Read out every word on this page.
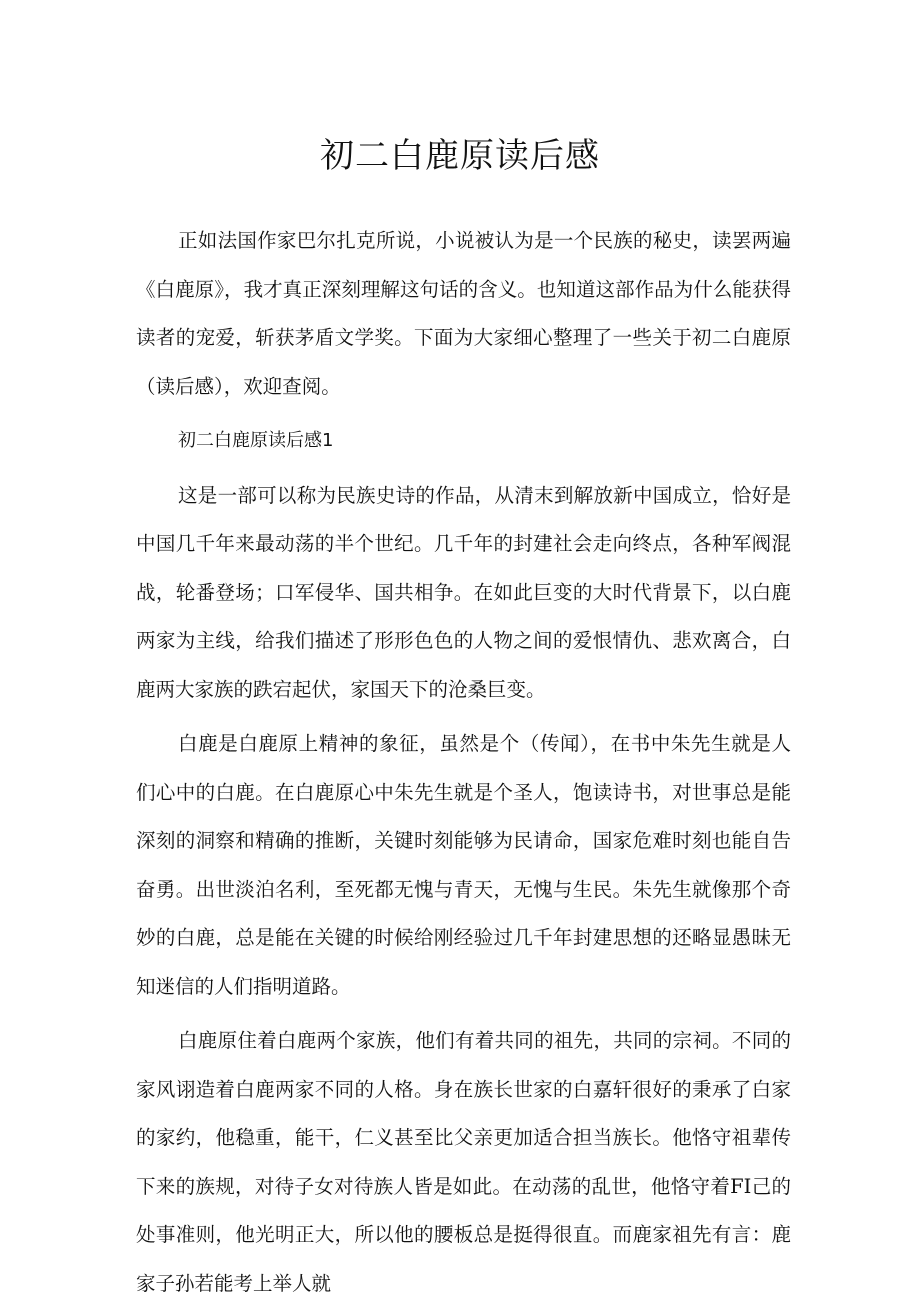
初二白鹿原读后感

正如法国作家巴尔扎克所说，小说被认为是一个民族的秘史，读罢两遍《白鹿原》，我才真正深刻理解这句话的含义。也知道这部作品为什么能获得读者的宠爱，斩获茅盾文学奖。下面为大家细心整理了一些关于初二白鹿原（读后感），欢迎查阅。

初二白鹿原读后感1

这是一部可以称为民族史诗的作品，从清末到解放新中国成立，恰好是中国几千年来最动荡的半个世纪。几千年的封建社会走向终点，各种军阀混战，轮番登场；口军侵华、国共相争。在如此巨变的大时代背景下，以白鹿两家为主线，给我们描述了形形色色的人物之间的爱恨情仇、悲欢离合，白鹿两大家族的跌宕起伏，家国天下的沧桑巨变。

白鹿是白鹿原上精神的象征，虽然是个（传闻），在书中朱先生就是人们心中的白鹿。在白鹿原心中朱先生就是个圣人，饱读诗书，对世事总是能深刻的洞察和精确的推断，关键时刻能够为民请命，国家危难时刻也能自告奋勇。出世淡泊名利，至死都无愧与青天，无愧与生民。朱先生就像那个奇妙的白鹿，总是能在关键的时候给刚经验过几千年封建思想的还略显愚昧无知迷信的人们指明道路。

白鹿原住着白鹿两个家族，他们有着共同的祖先，共同的宗祠。不同的家风诩造着白鹿两家不同的人格。身在族长世家的白嘉轩很好的秉承了白家的家约，他稳重，能干，仁义甚至比父亲更加适合担当族长。他恪守祖辈传下来的族规，对待子女对待族人皆是如此。在动荡的乱世，他恪守着FI己的处事准则，他光明正大，所以他的腰板总是挺得很直。而鹿家祖先有言：鹿家子孙若能考上举人就
